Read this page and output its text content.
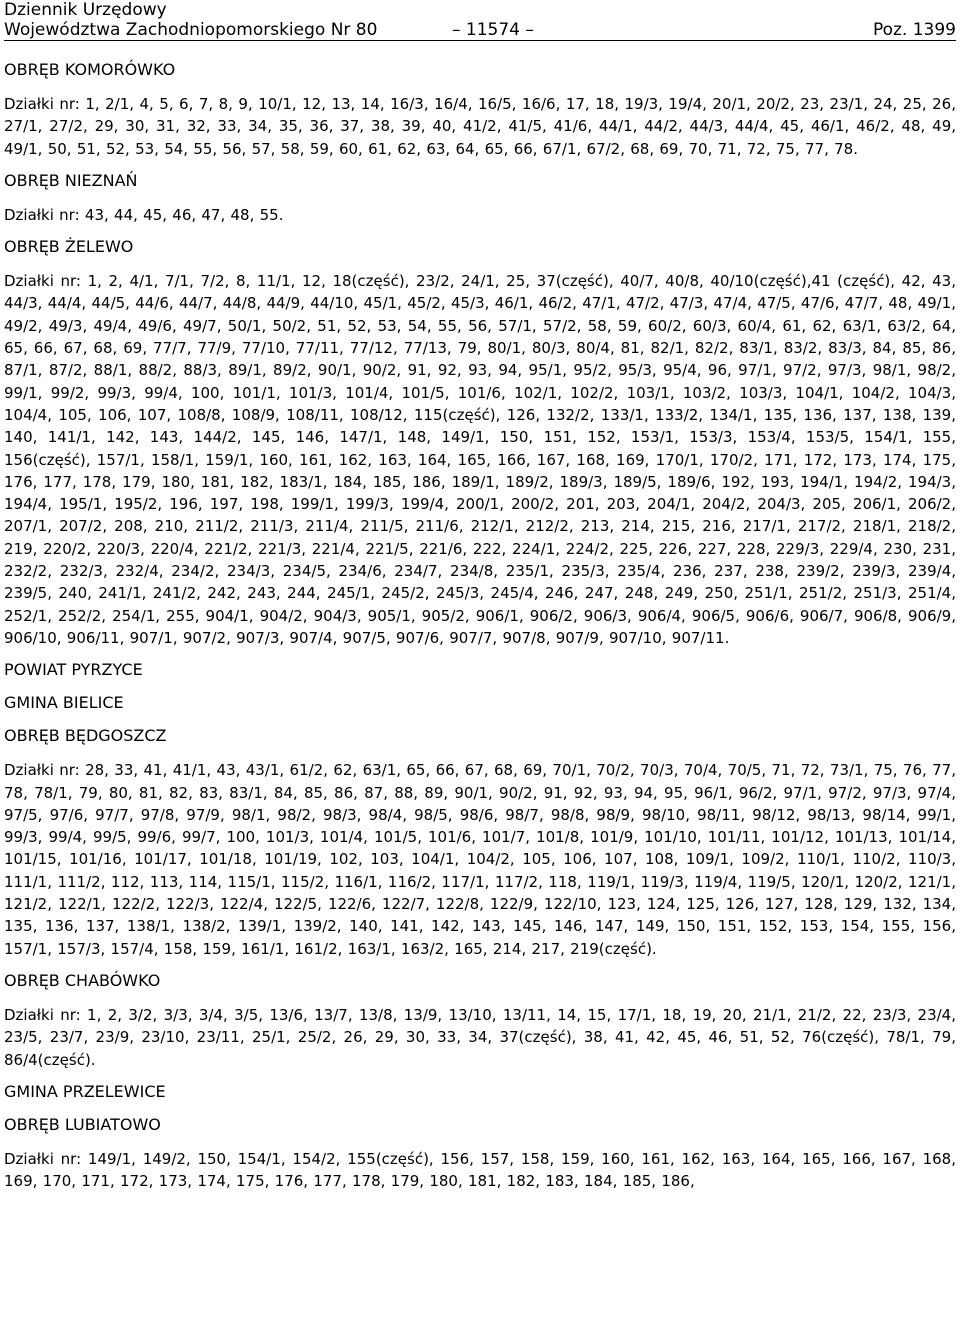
Dziennik Urzędowy
Województwa Zachodniopomorskiego Nr 80	– 11574 –	Poz. 1399
OBRĘB KOMORÓWKO
Działki nr: 1, 2/1, 4, 5, 6, 7, 8, 9, 10/1, 12, 13, 14, 16/3, 16/4, 16/5, 16/6, 17, 18, 19/3, 19/4, 20/1, 20/2, 23, 23/1, 24, 25, 26, 27/1, 27/2, 29, 30, 31, 32, 33, 34, 35, 36, 37, 38, 39, 40, 41/2, 41/5, 41/6, 44/1, 44/2, 44/3, 44/4, 45, 46/1, 46/2, 48, 49, 49/1, 50, 51, 52, 53, 54, 55, 56, 57, 58, 59, 60, 61, 62, 63, 64, 65, 66, 67/1, 67/2, 68, 69, 70, 71, 72, 75, 77, 78.
OBRĘB NIEZNAŃ
Działki nr: 43, 44, 45, 46, 47, 48, 55.
OBRĘB ŻELEWO
Działki nr: 1, 2, 4/1, 7/1, 7/2, 8, 11/1, 12, 18(część), 23/2, 24/1, 25, 37(część), 40/7, 40/8, 40/10(część),41 (część), 42, 43, 44/3, 44/4, 44/5, 44/6, 44/7, 44/8, 44/9, 44/10, 45/1, 45/2, 45/3, 46/1, 46/2, 47/1, 47/2, 47/3, 47/4, 47/5, 47/6, 47/7, 48, 49/1, 49/2, 49/3, 49/4, 49/6, 49/7, 50/1, 50/2, 51, 52, 53, 54, 55, 56, 57/1, 57/2, 58, 59, 60/2, 60/3, 60/4, 61, 62, 63/1, 63/2, 64, 65, 66, 67, 68, 69, 77/7, 77/9, 77/10, 77/11, 77/12, 77/13, 79, 80/1, 80/3, 80/4, 81, 82/1, 82/2, 83/1, 83/2, 83/3, 84, 85, 86, 87/1, 87/2, 88/1, 88/2, 88/3, 89/1, 89/2, 90/1, 90/2, 91, 92, 93, 94, 95/1, 95/2, 95/3, 95/4, 96, 97/1, 97/2, 97/3, 98/1, 98/2, 99/1, 99/2, 99/3, 99/4, 100, 101/1, 101/3, 101/4, 101/5, 101/6, 102/1, 102/2, 103/1, 103/2, 103/3, 104/1, 104/2, 104/3, 104/4, 105, 106, 107, 108/8, 108/9, 108/11, 108/12, 115(część), 126, 132/2, 133/1, 133/2, 134/1, 135, 136, 137, 138, 139, 140, 141/1, 142, 143, 144/2, 145, 146, 147/1, 148, 149/1, 150, 151, 152, 153/1, 153/3, 153/4, 153/5, 154/1, 155, 156(część), 157/1, 158/1, 159/1, 160, 161, 162, 163, 164, 165, 166, 167, 168, 169, 170/1, 170/2, 171, 172, 173, 174, 175, 176, 177, 178, 179, 180, 181, 182, 183/1, 184, 185, 186, 189/1, 189/2, 189/3, 189/5, 189/6, 192, 193, 194/1, 194/2, 194/3, 194/4, 195/1, 195/2, 196, 197, 198, 199/1, 199/3, 199/4, 200/1, 200/2, 201, 203, 204/1, 204/2, 204/3, 205, 206/1, 206/2, 207/1, 207/2, 208, 210, 211/2, 211/3, 211/4, 211/5, 211/6, 212/1, 212/2, 213, 214, 215, 216, 217/1, 217/2, 218/1, 218/2, 219, 220/2, 220/3, 220/4, 221/2, 221/3, 221/4, 221/5, 221/6, 222, 224/1, 224/2, 225, 226, 227, 228, 229/3, 229/4, 230, 231, 232/2, 232/3, 232/4, 234/2, 234/3, 234/5, 234/6, 234/7, 234/8, 235/1, 235/3, 235/4, 236, 237, 238, 239/2, 239/3, 239/4, 239/5, 240, 241/1, 241/2, 242, 243, 244, 245/1, 245/2, 245/3, 245/4, 246, 247, 248, 249, 250, 251/1, 251/2, 251/3, 251/4, 252/1, 252/2, 254/1, 255, 904/1, 904/2, 904/3, 905/1, 905/2, 906/1, 906/2, 906/3, 906/4, 906/5, 906/6, 906/7, 906/8, 906/9, 906/10, 906/11, 907/1, 907/2, 907/3, 907/4, 907/5, 907/6, 907/7, 907/8, 907/9, 907/10, 907/11.
POWIAT PYRZYCE
GMINA BIELICE
OBRĘB BĘDGOSZCZ
Działki nr: 28, 33, 41, 41/1, 43, 43/1, 61/2, 62, 63/1, 65, 66, 67, 68, 69, 70/1, 70/2, 70/3, 70/4, 70/5, 71, 72, 73/1, 75, 76, 77, 78, 78/1, 79, 80, 81, 82, 83, 83/1, 84, 85, 86, 87, 88, 89, 90/1, 90/2, 91, 92, 93, 94, 95, 96/1, 96/2, 97/1, 97/2, 97/3, 97/4, 97/5, 97/6, 97/7, 97/8, 97/9, 98/1, 98/2, 98/3, 98/4, 98/5, 98/6, 98/7, 98/8, 98/9, 98/10, 98/11, 98/12, 98/13, 98/14, 99/1, 99/3, 99/4, 99/5, 99/6, 99/7, 100, 101/3, 101/4, 101/5, 101/6, 101/7, 101/8, 101/9, 101/10, 101/11, 101/12, 101/13, 101/14, 101/15, 101/16, 101/17, 101/18, 101/19, 102, 103, 104/1, 104/2, 105, 106, 107, 108, 109/1, 109/2, 110/1, 110/2, 110/3, 111/1, 111/2, 112, 113, 114, 115/1, 115/2, 116/1, 116/2, 117/1, 117/2, 118, 119/1, 119/3, 119/4, 119/5, 120/1, 120/2, 121/1, 121/2, 122/1, 122/2, 122/3, 122/4, 122/5, 122/6, 122/7, 122/8, 122/9, 122/10, 123, 124, 125, 126, 127, 128, 129, 132, 134, 135, 136, 137, 138/1, 138/2, 139/1, 139/2, 140, 141, 142, 143, 145, 146, 147, 149, 150, 151, 152, 153, 154, 155, 156, 157/1, 157/3, 157/4, 158, 159, 161/1, 161/2, 163/1, 163/2, 165, 214, 217, 219(część).
OBRĘB CHABÓWKO
Działki nr: 1, 2, 3/2, 3/3, 3/4, 3/5, 13/6, 13/7, 13/8, 13/9, 13/10, 13/11, 14, 15, 17/1, 18, 19, 20, 21/1, 21/2, 22, 23/3, 23/4, 23/5, 23/7, 23/9, 23/10, 23/11, 25/1, 25/2, 26, 29, 30, 33, 34, 37(część), 38, 41, 42, 45, 46, 51, 52, 76(część), 78/1, 79, 86/4(część).
GMINA PRZELEWICE
OBRĘB LUBIATOWO
Działki nr: 149/1, 149/2, 150, 154/1, 154/2, 155(część), 156, 157, 158, 159, 160, 161, 162, 163, 164, 165, 166, 167, 168, 169, 170, 171, 172, 173, 174, 175, 176, 177, 178, 179, 180, 181, 182, 183, 184, 185, 186,
